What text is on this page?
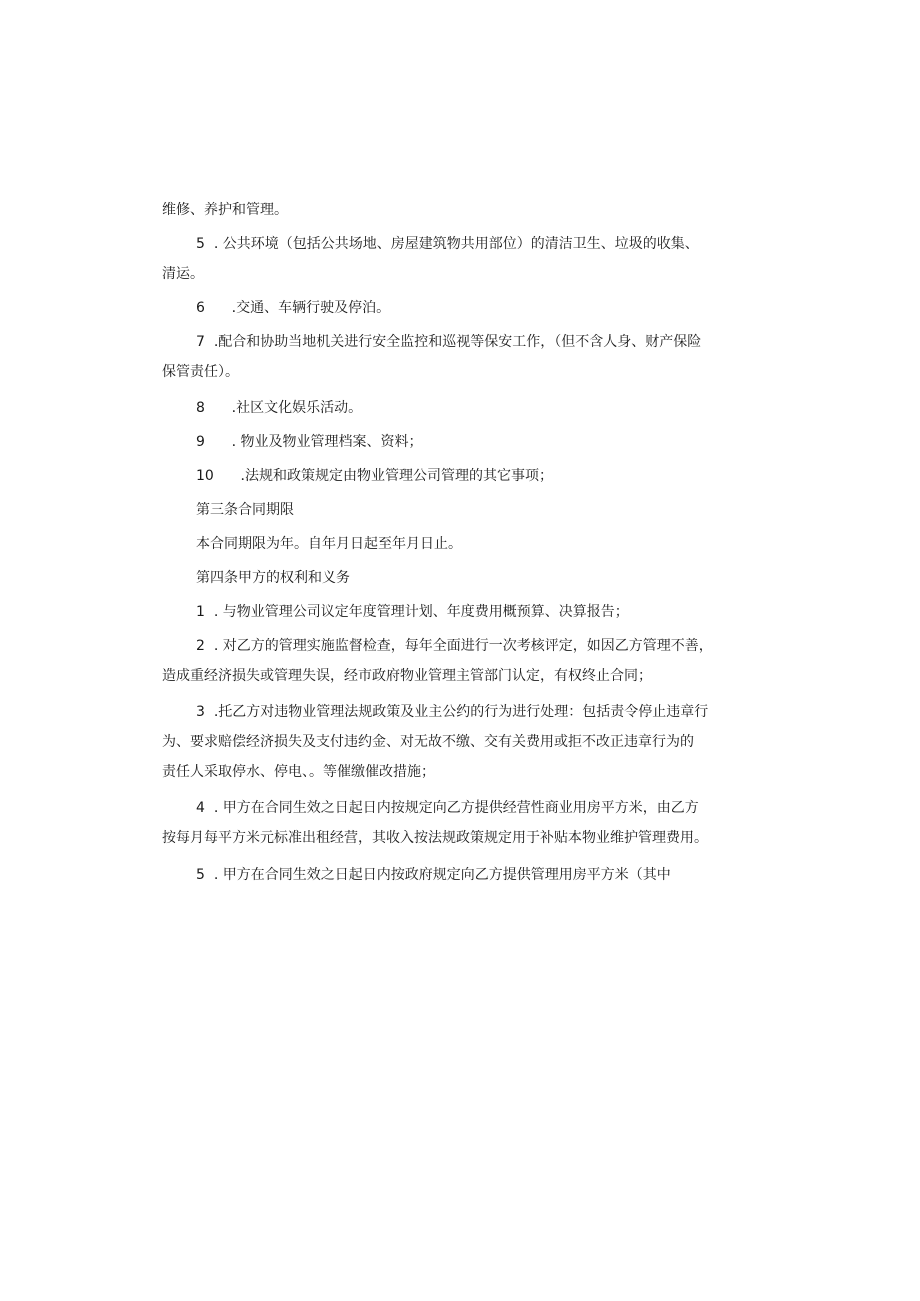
维修、养护和管理。

5  . 公共环境（包括公共场地、房屋建筑物共用部位）的清洁卫生、垃圾的收集、
清运。

6      .交通、车辆行驶及停泊。

7  .配合和协助当地机关进行安全监控和巡视等保安工作，（但不含人身、财产保险
保管责任）。

8      .社区文化娱乐活动。

9      . 物业及物业管理档案、资料；

10      .法规和政策规定由物业管理公司管理的其它事项；

第三条合同期限

本合同期限为年。自年月日起至年月日止。

第四条甲方的权利和义务

1  . 与物业管理公司议定年度管理计划、年度费用概预算、决算报告；

2  . 对乙方的管理实施监督检查，每年全面进行一次考核评定，如因乙方管理不善，
造成重经济损失或管理失误，经市政府物业管理主管部门认定，有权终止合同；

3  .托乙方对违物业管理法规政策及业主公约的行为进行处理：包括责令停止违章行
为、要求赔偿经济损失及支付违约金、对无故不缴、交有关费用或拒不改正违章行为的
责任人采取停水、停电、。等催缴催改措施；

4  . 甲方在合同生效之日起日内按规定向乙方提供经营性商业用房平方米，由乙方
按每月每平方米元标准出租经营，其收入按法规政策规定用于补贴本物业维护管理费用。

5  . 甲方在合同生效之日起日内按政府规定向乙方提供管理用房平方米（其中
